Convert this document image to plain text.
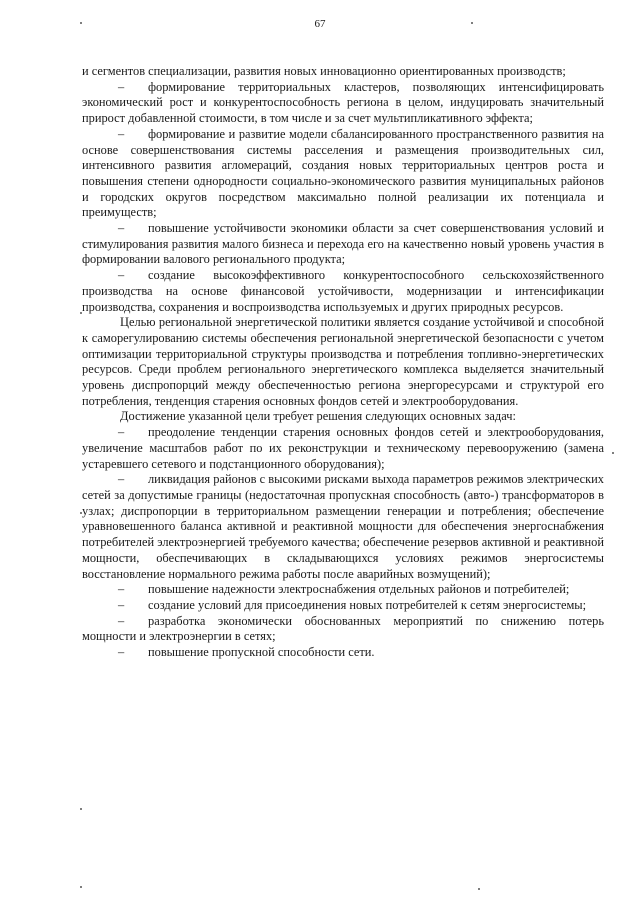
67

и сегментов специализации, развития новых инновационно ориентированных производств;

– формирование территориальных кластеров, позволяющих интенсифицировать экономический рост и конкурентоспособность региона в целом, индуцировать значительный прирост добавленной стоимости, в том числе и за счет мультипликативного эффекта;

– формирование и развитие модели сбалансированного пространственного развития на основе совершенствования системы расселения и размещения производительных сил, интенсивного развития агломераций, создания новых территориальных центров роста и повышения степени однородности социально-экономического развития муниципальных районов и городских округов посредством максимально полной реализации их потенциала и преимуществ;

– повышение устойчивости экономики области за счет совершенствования условий и стимулирования развития малого бизнеса и перехода его на качественно новый уровень участия в формировании валового регионального продукта;

– создание высокоэффективного конкурентоспособного сельскохозяйственного производства на основе финансовой устойчивости, модернизации и интенсификации производства, сохранения и воспроизводства используемых и других природных ресурсов.

Целью региональной энергетической политики является создание устойчивой и способной к саморегулированию системы обеспечения региональной энергетической безопасности с учетом оптимизации территориальной структуры производства и потребления топливно-энергетических ресурсов. Среди проблем регионального энергетического комплекса выделяется значительный уровень диспропорций между обеспеченностью региона энергоресурсами и структурой его потребления, тенденция старения основных фондов сетей и электрооборудования.

Достижение указанной цели требует решения следующих основных задач:

– преодоление тенденции старения основных фондов сетей и электрооборудования, увеличение масштабов работ по их реконструкции и техническому перевооружению (замена устаревшего сетевого и подстанционного оборудования);

– ликвидация районов с высокими рисками выхода параметров режимов электрических сетей за допустимые границы (недостаточная пропускная способность (авто-) трансформаторов в узлах; диспропорции в территориальном размещении генерации и потребления; обеспечение уравновешенного баланса активной и реактивной мощности для обеспечения энергоснабжения потребителей электроэнергией требуемого качества; обеспечение резервов активной и реактивной мощности, обеспечивающих в складывающихся условиях режимов энергосистемы восстановление нормального режима работы после аварийных возмущений);

– повышение надежности электроснабжения отдельных районов и потребителей;

– создание условий для присоединения новых потребителей к сетям энергосистемы;

– разработка экономически обоснованных мероприятий по снижению потерь мощности и электроэнергии в сетях;

– повышение пропускной способности сети.
